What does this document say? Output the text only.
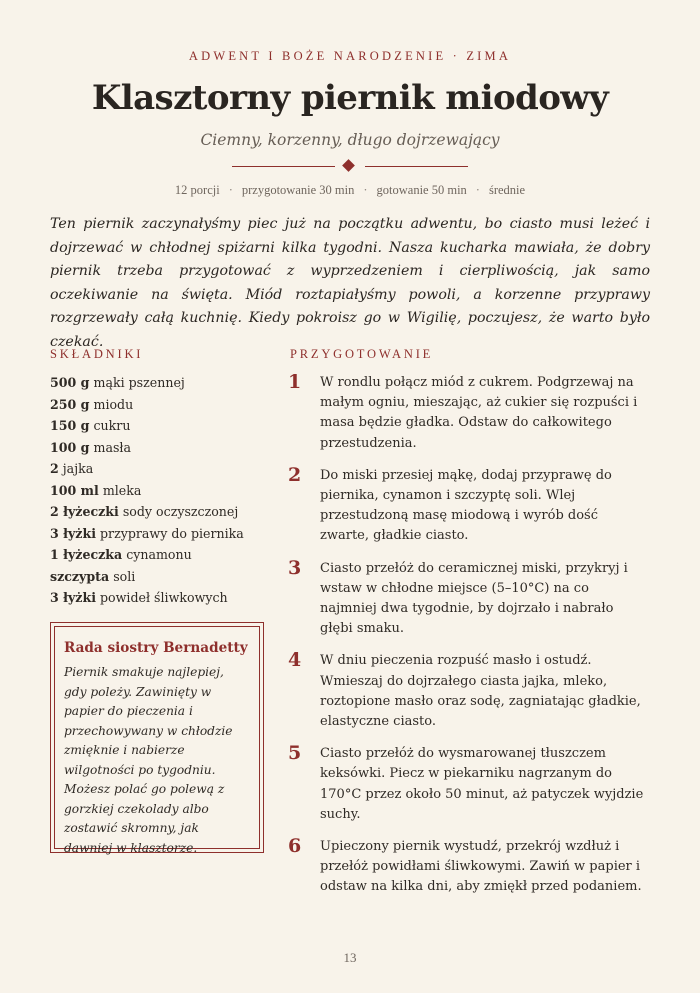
ADWENT I BOŻE NARODZENIE · ZIMA
Klasztorny piernik miodowy
Ciemny, korzenny, długo dojrzewający
12 porcji · przygotowanie 30 min · gotowanie 50 min · średnie

Ten piernik zaczynałyśmy piec już na początku adwentu, bo ciasto musi leżeć i dojrzewać w chłodnej spiżarni kilka tygodni. Nasza kucharka mawiała, że dobry piernik trzeba przygotować z wyprzedzeniem i cierpliwością, jak samo oczekiwanie na święta. Miód roztapiałyśmy powoli, a korzenne przyprawy rozgrzewały całą kuchnię. Kiedy pokroisz go w Wigilię, poczujesz, że warto było czekać.

SKŁADNIKI
500 g mąki pszennej
250 g miodu
150 g cukru
100 g masła
2 jajka
100 ml mleka
2 łyżeczki sody oczyszczonej
3 łyżki przyprawy do piernika
1 łyżeczka cynamonu
szczypta soli
3 łyżki powideł śliwkowych
Rada siostry Bernadetty
Piernik smakuje najlepiej, gdy poleży. Zawinięty w papier do pieczenia i przechowywany w chłodzie zmięknie i nabierze wilgotności po tygodniu. Możesz polać go polewą z gorzkiej czekolady albo zostawić skromny, jak dawniej w klasztorze.
PRZYGOTOWANIE
1	W rondlu połącz miód z cukrem. Podgrzewaj na małym ogniu, mieszając, aż cukier się rozpuści i masa będzie gładka. Odstaw do całkowitego przestudzenia.
2	Do miski przesiej mąkę, dodaj przyprawę do piernika, cynamon i szczyptę soli. Wlej przestudzoną masę miodową i wyrób dość zwarte, gładkie ciasto.
3	Ciasto przełóż do ceramicznej miski, przykryj i wstaw w chłodne miejsce (5–10°C) na co najmniej dwa tygodnie, by dojrzało i nabrało głębi smaku.
4	W dniu pieczenia rozpuść masło i ostudź. Wmieszaj do dojrzałego ciasta jajka, mleko, roztopione masło oraz sodę, zagniatając gładkie, elastyczne ciasto.
5	Ciasto przełóż do wysmarowanej tłuszczem keksówki. Piecz w piekarniku nagrzanym do 170°C przez około 50 minut, aż patyczek wyjdzie suchy.
6	Upieczony piernik wystudź, przekrój wzdłuż i przełóż powidłami śliwkowymi. Zawiń w papier i odstaw na kilka dni, aby zmiękł przed podaniem.
13
